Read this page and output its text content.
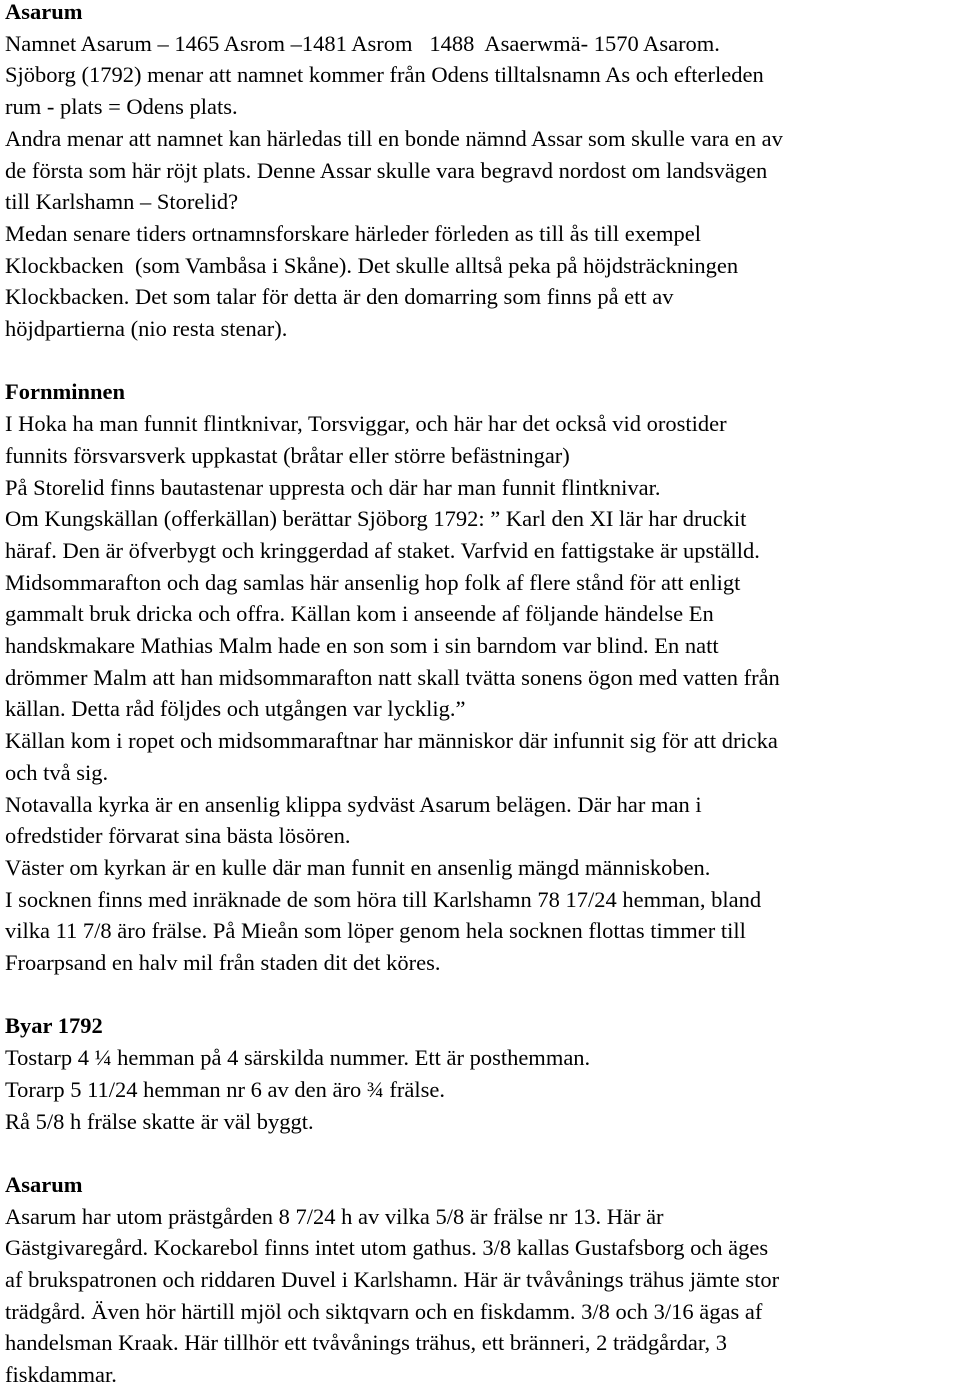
Asarum
Namnet Asarum – 1465 Asrom –1481 Asrom   1488  Asaerwmä- 1570 Asarom.
Sjöborg (1792) menar att namnet kommer från Odens tilltalsnamn As och efterleden
rum - plats = Odens plats.
Andra menar att namnet kan härledas till en bonde nämnd Assar som skulle vara en av
de första som här röjt plats. Denne Assar skulle vara begravd nordost om landsvägen
till Karlshamn – Storelid?
Medan senare tiders ortnamnsforskare härleder förleden as till ås till exempel
Klockbacken  (som Vambåsa i Skåne). Det skulle alltså peka på höjdsträckningen
Klockbacken. Det som talar för detta är den domarring som finns på ett av
höjdpartierna (nio resta stenar).
Fornminnen
I Hoka ha man funnit flintknivar, Torsviggar, och här har det också vid orostider
funnits försvarsverk uppkastat (bråtar eller större befästningar)
På Storelid finns bautastenar uppresta och där har man funnit flintknivar.
Om Kungskällan (offerkällan) berättar Sjöborg 1792: ” Karl den XI lär har druckit
häraf. Den är öfverbygt och kringgerdad af staket. Varfvid en fattigstake är upställd.
Midsommarafton och dag samlas här ansenlig hop folk af flere stånd för att enligt
gammalt bruk dricka och offra. Källan kom i anseende af följande händelse En
handskmakare Mathias Malm hade en son som i sin barndom var blind. En natt
drömmer Malm att han midsommarafton natt skall tvätta sonens ögon med vatten från
källan. Detta råd följdes och utgången var lycklig.”
Källan kom i ropet och midsommaraftnar har människor där infunnit sig för att dricka
och två sig.
Notavalla kyrka är en ansenlig klippa sydväst Asarum belägen. Där har man i
ofredstider förvarat sina bästa lösören.
Väster om kyrkan är en kulle där man funnit en ansenlig mängd människoben.
I socknen finns med inräknade de som höra till Karlshamn 78 17/24 hemman, bland
vilka 11 7/8 äro frälse. På Mieån som löper genom hela socknen flottas timmer till
Froarpsand en halv mil från staden dit det köres.
Byar 1792
Tostarp 4 ¼ hemman på 4 särskilda nummer. Ett är posthemman.
Torarp 5 11/24 hemman nr 6 av den äro ¾ frälse.
Rå 5/8 h frälse skatte är väl byggt.
Asarum
Asarum har utom prästgården 8 7/24 h av vilka 5/8 är frälse nr 13. Här är
Gästgivaregård. Kockarebol finns intet utom gathus. 3/8 kallas Gustafsborg och äges
af brukspatronen och riddaren Duvel i Karlshamn. Här är tvåvånings trähus jämte stor
trädgård. Även hör härtill mjöl och siktqvarn och en fiskdamm. 3/8 och 3/16 ägas af
handelsman Kraak. Här tillhör ett tvåvånings trähus, ett bränneri, 2 trädgårdar, 3
fiskdammar.
